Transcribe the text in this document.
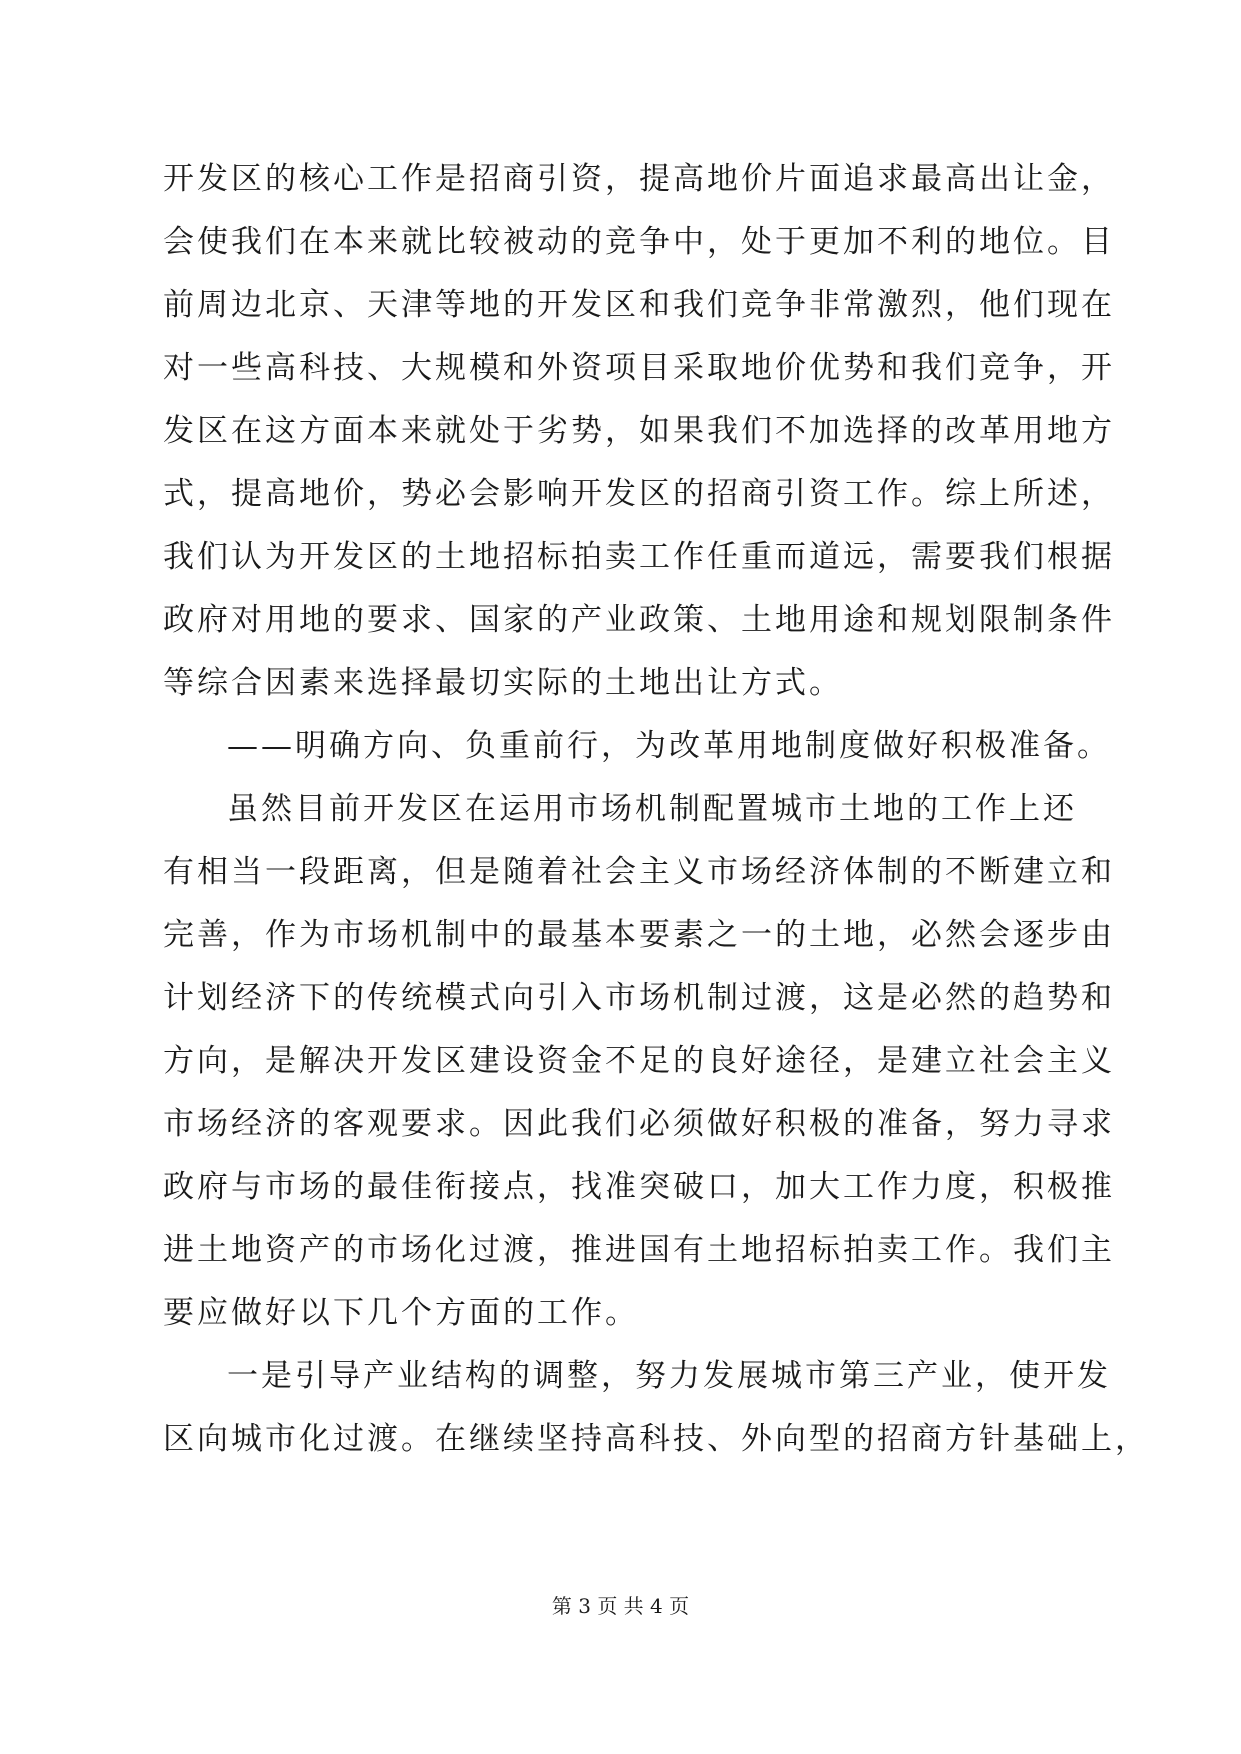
开发区的核心工作是招商引资，提高地价片面追求最高出让金，
会使我们在本来就比较被动的竞争中，处于更加不利的地位。目
前周边北京、天津等地的开发区和我们竞争非常激烈，他们现在
对一些高科技、大规模和外资项目采取地价优势和我们竞争，开
发区在这方面本来就处于劣势，如果我们不加选择的改革用地方
式，提高地价，势必会影响开发区的招商引资工作。综上所述，
我们认为开发区的土地招标拍卖工作任重而道远，需要我们根据
政府对用地的要求、国家的产业政策、土地用途和规划限制条件
等综合因素来选择最切实际的土地出让方式。
——明确方向、负重前行，为改革用地制度做好积极准备。
虽然目前开发区在运用市场机制配置城市土地的工作上还
有相当一段距离，但是随着社会主义市场经济体制的不断建立和
完善，作为市场机制中的最基本要素之一的土地，必然会逐步由
计划经济下的传统模式向引入市场机制过渡，这是必然的趋势和
方向，是解决开发区建设资金不足的良好途径，是建立社会主义
市场经济的客观要求。因此我们必须做好积极的准备，努力寻求
政府与市场的最佳衔接点，找准突破口，加大工作力度，积极推
进土地资产的市场化过渡，推进国有土地招标拍卖工作。我们主
要应做好以下几个方面的工作。
一是引导产业结构的调整，努力发展城市第三产业，使开发
区向城市化过渡。在继续坚持高科技、外向型的招商方针基础上，
第 3 页 共 4 页
